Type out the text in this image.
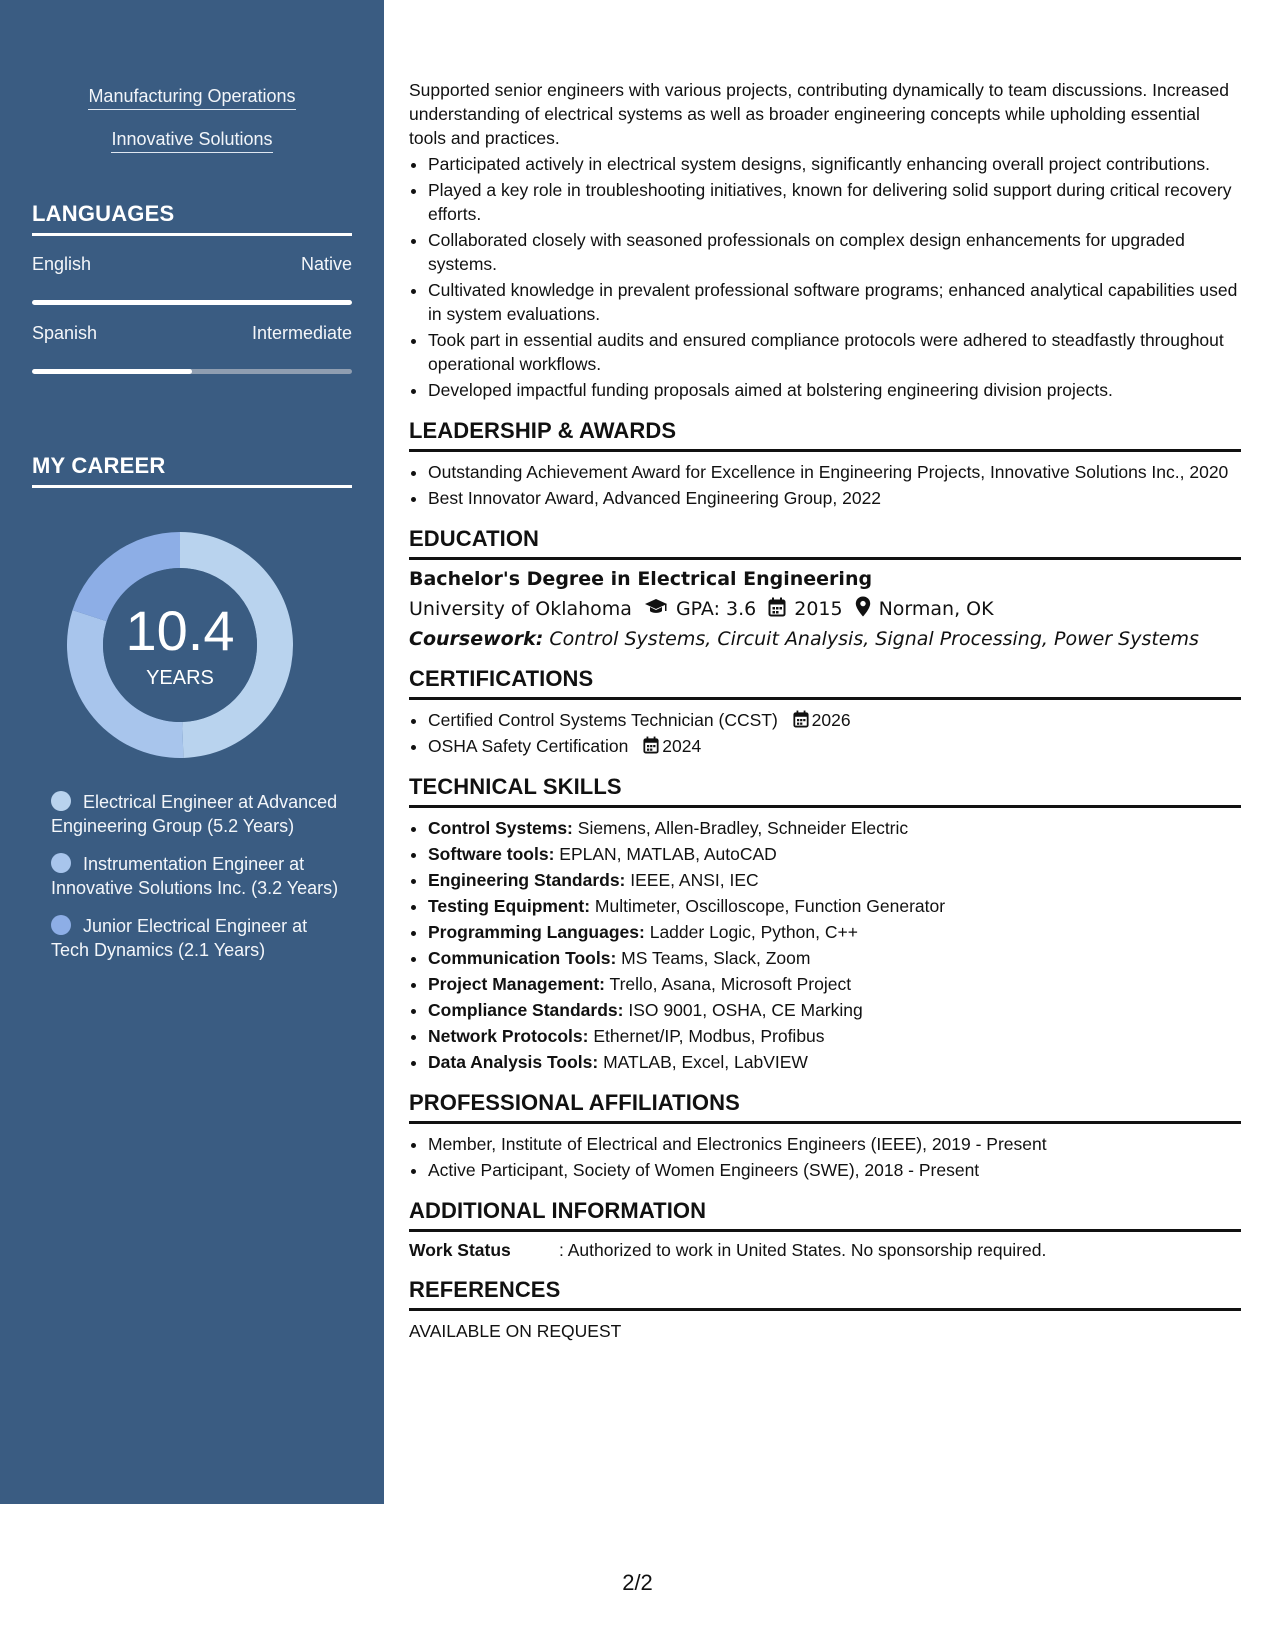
Manufacturing Operations
Innovative Solutions
LANGUAGES
English	Native
Spanish	Intermediate
MY CAREER
10.4
YEARS
Electrical Engineer at Advanced Engineering Group (5.2 Years)
Instrumentation Engineer at Innovative Solutions Inc. (3.2 Years)
Junior Electrical Engineer at Tech Dynamics (2.1 Years)

Supported senior engineers with various projects, contributing dynamically to team discussions. Increased understanding of electrical systems as well as broader engineering concepts while upholding essential tools and practices.

• Participated actively in electrical system designs, significantly enhancing overall project contributions.
• Played a key role in troubleshooting initiatives, known for delivering solid support during critical recovery efforts.
• Collaborated closely with seasoned professionals on complex design enhancements for upgraded systems.
• Cultivated knowledge in prevalent professional software programs; enhanced analytical capabilities used in system evaluations.
• Took part in essential audits and ensured compliance protocols were adhered to steadfastly throughout operational workflows.
• Developed impactful funding proposals aimed at bolstering engineering division projects.
LEADERSHIP & AWARDS
• Outstanding Achievement Award for Excellence in Engineering Projects, Innovative Solutions Inc., 2020
• Best Innovator Award, Advanced Engineering Group, 2022
EDUCATION
Bachelor's Degree in Electrical Engineering
University of Oklahoma GPA: 3.6 2015 Norman, OK
Coursework: Control Systems, Circuit Analysis, Signal Processing, Power Systems
CERTIFICATIONS
• Certified Control Systems Technician (CCST) 2026
• OSHA Safety Certification 2024
TECHNICAL SKILLS
• Control Systems: Siemens, Allen-Bradley, Schneider Electric
• Software tools: EPLAN, MATLAB, AutoCAD
• Engineering Standards: IEEE, ANSI, IEC
• Testing Equipment: Multimeter, Oscilloscope, Function Generator
• Programming Languages: Ladder Logic, Python, C++
• Communication Tools: MS Teams, Slack, Zoom
• Project Management: Trello, Asana, Microsoft Project
• Compliance Standards: ISO 9001, OSHA, CE Marking
• Network Protocols: Ethernet/IP, Modbus, Profibus
• Data Analysis Tools: MATLAB, Excel, LabVIEW
PROFESSIONAL AFFILIATIONS
• Member, Institute of Electrical and Electronics Engineers (IEEE), 2019 - Present
• Active Participant, Society of Women Engineers (SWE), 2018 - Present
ADDITIONAL INFORMATION
Work Status	: Authorized to work in United States. No sponsorship required.
REFERENCES
AVAILABLE ON REQUEST
2/2
